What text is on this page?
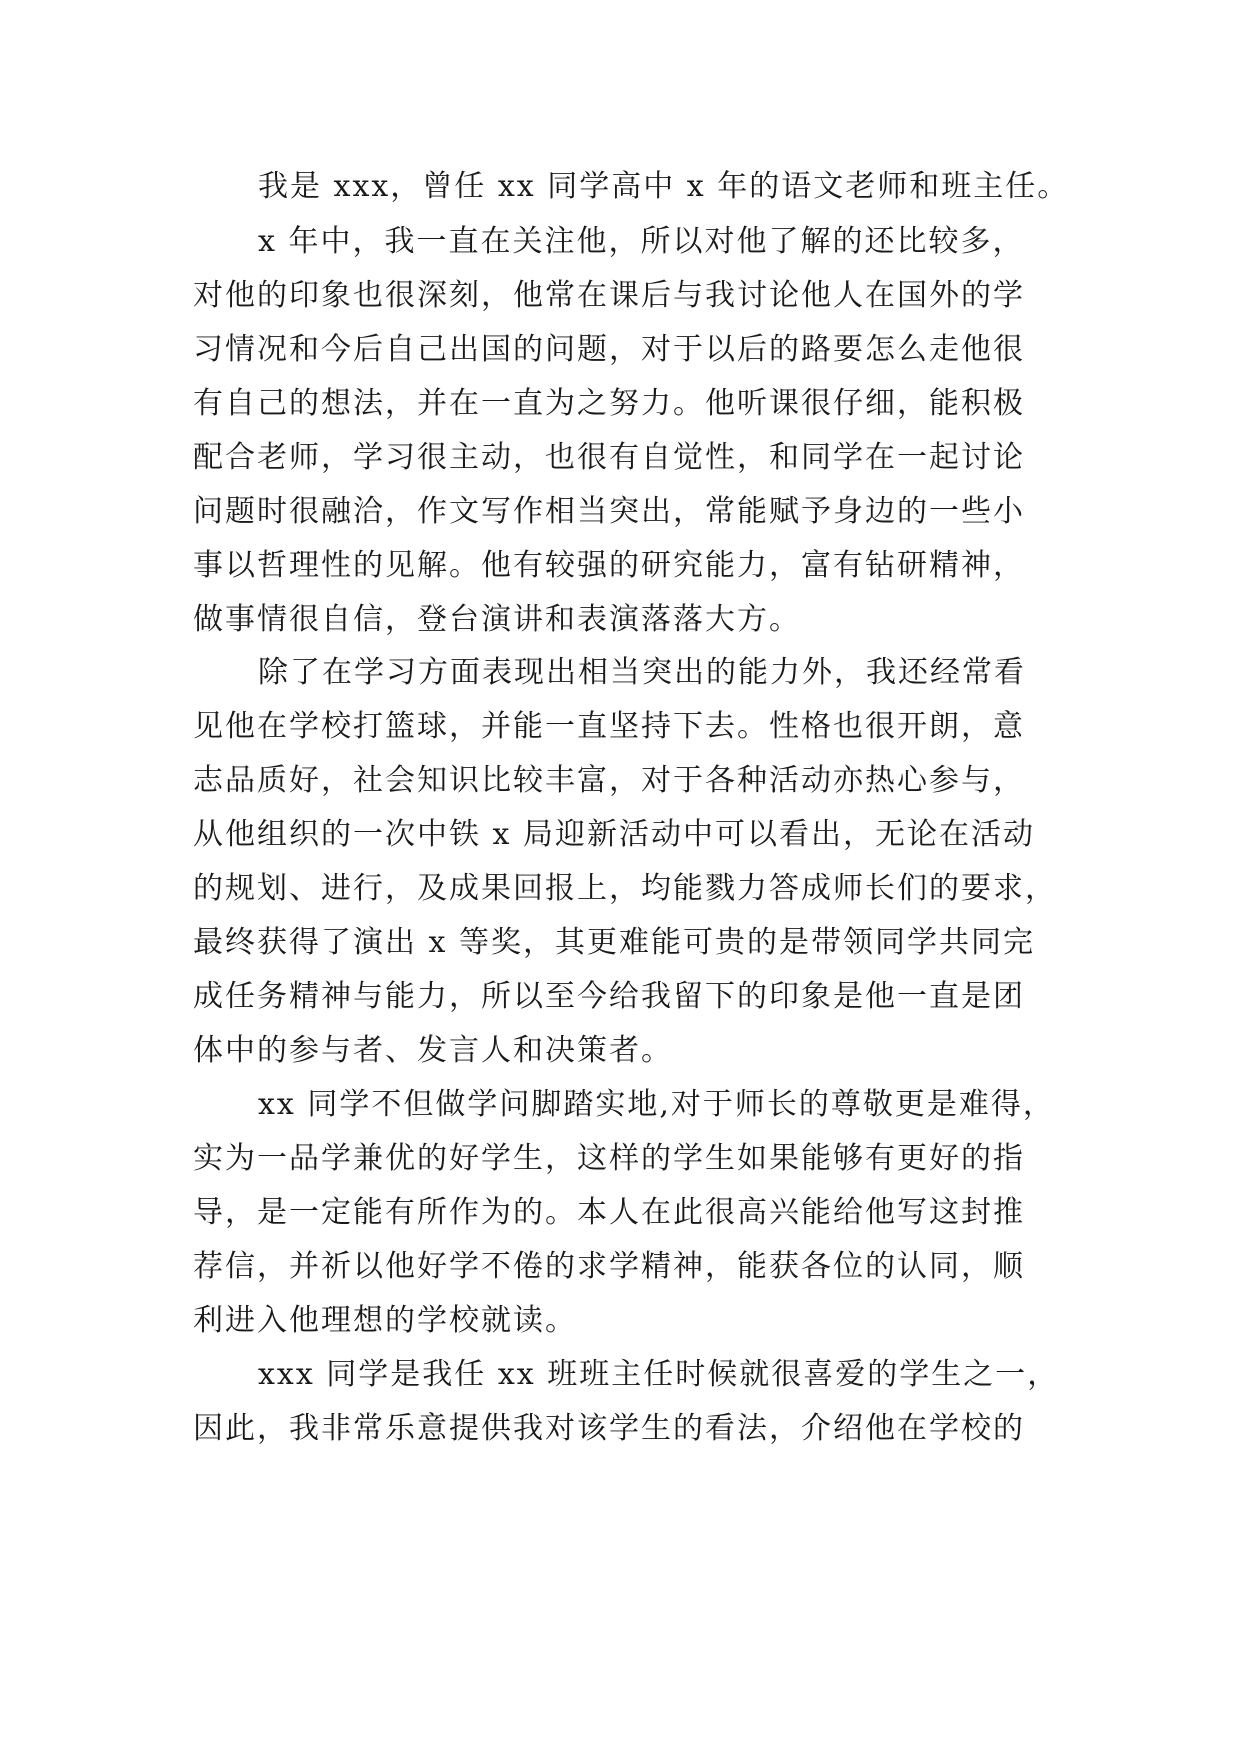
我是 xxx，曾任 xx 同学高中 x 年的语文老师和班主任。

x 年中，我一直在关注他，所以对他了解的还比较多，

对他的印象也很深刻，他常在课后与我讨论他人在国外的学

习情况和今后自己出国的问题，对于以后的路要怎么走他很

有自己的想法，并在一直为之努力。他听课很仔细，能积极

配合老师，学习很主动，也很有自觉性，和同学在一起讨论

问题时很融洽，作文写作相当突出，常能赋予身边的一些小

事以哲理性的见解。他有较强的研究能力，富有钻研精神，

做事情很自信，登台演讲和表演落落大方。

除了在学习方面表现出相当突出的能力外，我还经常看

见他在学校打篮球，并能一直坚持下去。性格也很开朗，意

志品质好，社会知识比较丰富，对于各种活动亦热心参与，

从他组织的一次中铁 x 局迎新活动中可以看出，无论在活动

的规划、进行，及成果回报上，均能戮力答成师长们的要求，

最终获得了演出 x 等奖，其更难能可贵的是带领同学共同完

成任务精神与能力，所以至今给我留下的印象是他一直是团

体中的参与者、发言人和决策者。

xx 同学不但做学问脚踏实地,对于师长的尊敬更是难得，

实为一品学兼优的好学生，这样的学生如果能够有更好的指

导，是一定能有所作为的。本人在此很高兴能给他写这封推

荐信，并祈以他好学不倦的求学精神，能获各位的认同，顺

利进入他理想的学校就读。

xxx 同学是我任 xx 班班主任时候就很喜爱的学生之一，

因此，我非常乐意提供我对该学生的看法，介绍他在学校的
